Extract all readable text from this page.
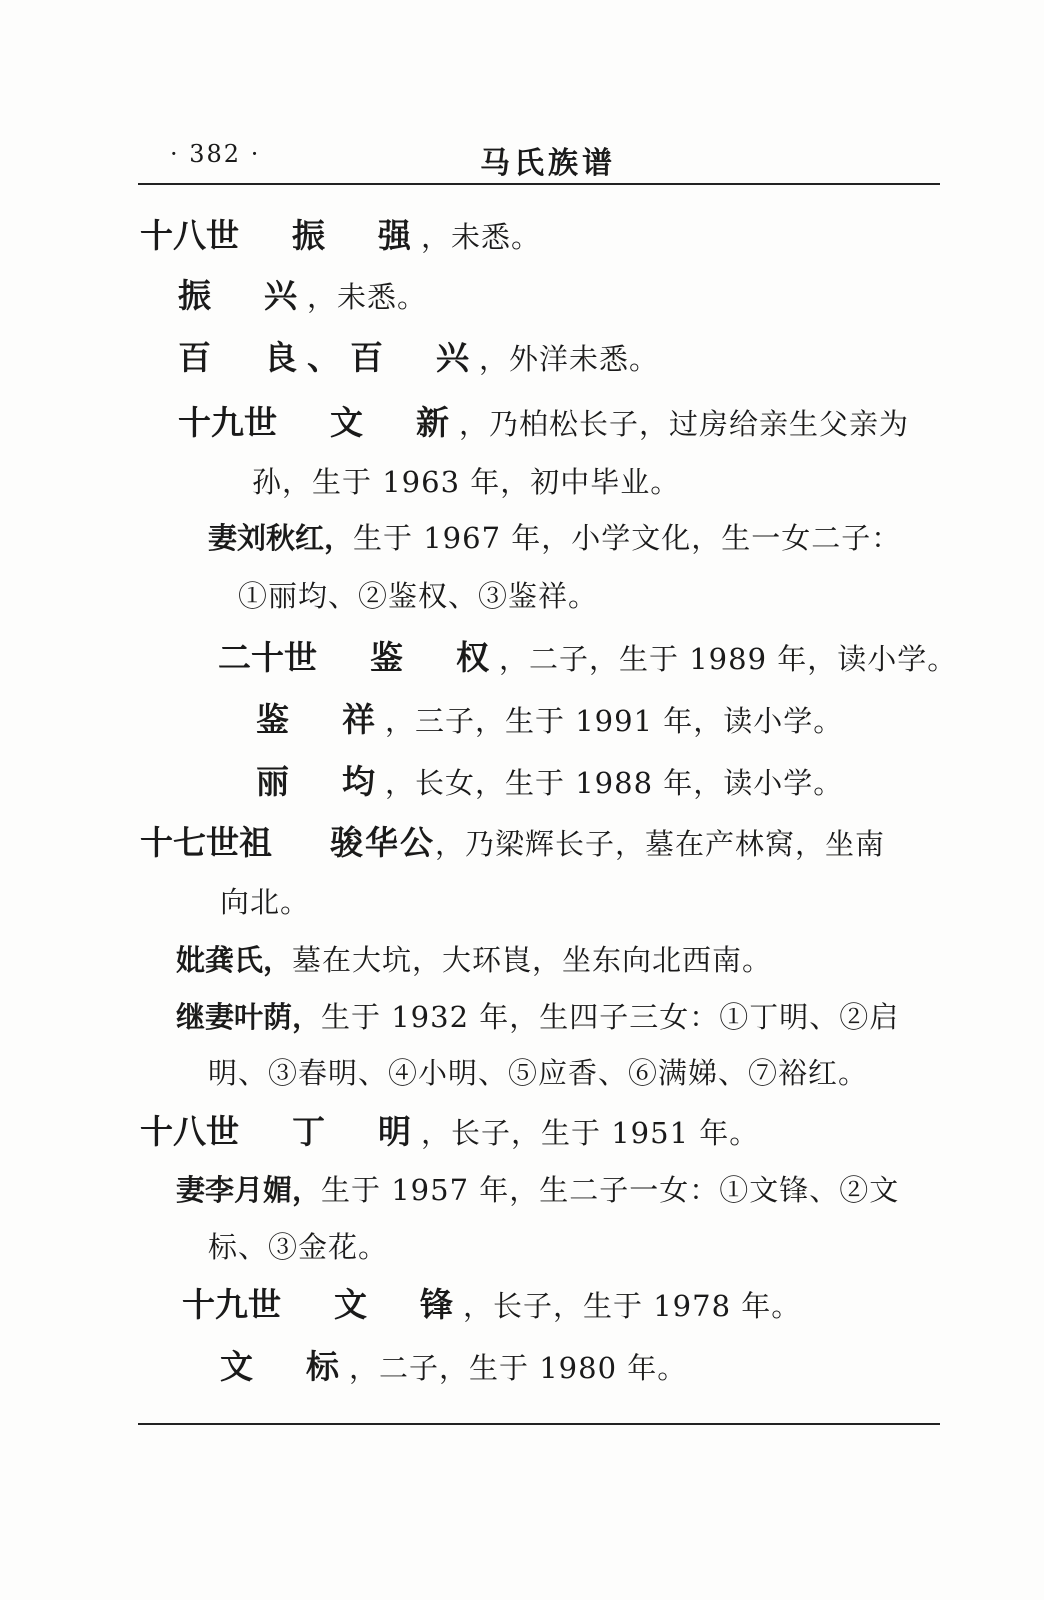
· 382 ·	马氏族谱
十八世 振　强，未悉。
振　兴，未悉。
百　良、百　兴，外洋未悉。
十九世 文　新，乃柏松长子，过房给亲生父亲为
孙，生于 1963 年，初中毕业。
妻刘秋红，生于 1967 年，小学文化，生一女二子：
①丽均、②鉴权、③鉴祥。
二十世 鉴　权，二子，生于 1989 年，读小学。
鉴　祥，三子，生于 1991 年，读小学。
丽　均，长女，生于 1988 年，读小学。
十七世祖 骏华公，乃梁辉长子，墓在产林窝，坐南
向北。
妣龚氏，墓在大坑，大环崀，坐东向北西南。
继妻叶荫，生于 1932 年，生四子三女：①丁明、②启
明、③春明、④小明、⑤应香、⑥满娣、⑦裕红。
十八世 丁　明，长子，生于 1951 年。
妻李月媚，生于 1957 年，生二子一女：①文锋、②文
标、③金花。
十九世 文　锋，长子，生于 1978 年。
文　标，二子，生于 1980 年。
